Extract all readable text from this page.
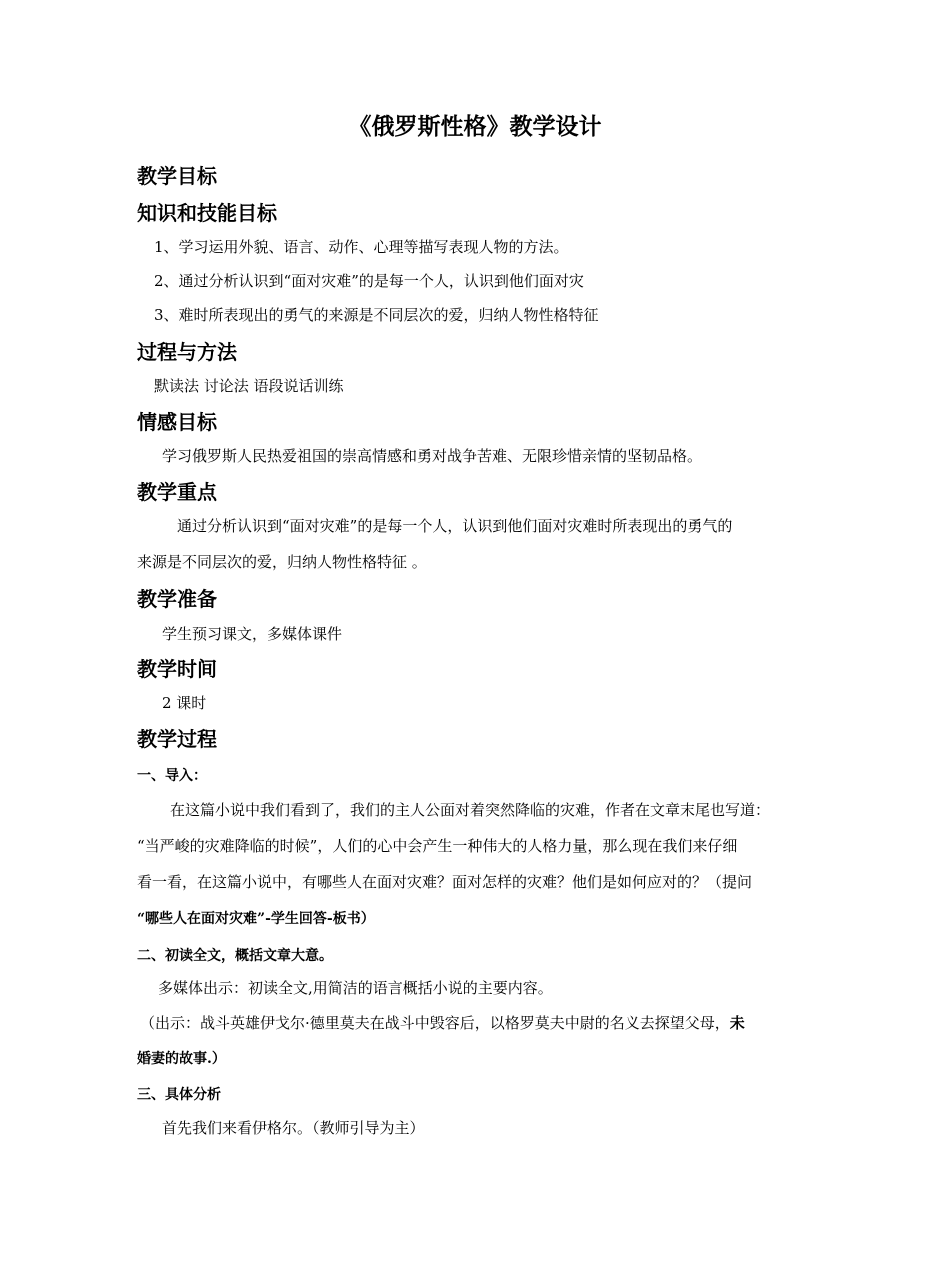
《俄罗斯性格》教学设计
教学目标
知识和技能目标
1、学习运用外貌、语言、动作、心理等描写表现人物的方法。
2、通过分析认识到“面对灾难”的是每一个人，认识到他们面对灾
3、难时所表现出的勇气的来源是不同层次的爱，归纳人物性格特征
过程与方法
默读法 讨论法 语段说话训练
情感目标
学习俄罗斯人民热爱祖国的崇高情感和勇对战争苦难、无限珍惜亲情的坚韧品格。
教学重点
通过分析认识到“面对灾难”的是每一个人，认识到他们面对灾难时所表现出的勇气的
来源是不同层次的爱，归纳人物性格特征 。
教学准备
学生预习课文，多媒体课件
教学时间
2 课时
教学过程
一、导入：
在这篇小说中我们看到了，我们的主人公面对着突然降临的灾难，作者在文章末尾也写道：
“当严峻的灾难降临的时候”，人们的心中会产生一种伟大的人格力量，那么现在我们来仔细
看一看，在这篇小说中，有哪些人在面对灾难？面对怎样的灾难？他们是如何应对的？（提问
“哪些人在面对灾难”-学生回答-板书）
二、初读全文，概括文章大意。
多媒体出示：初读全文,用简洁的语言概括小说的主要内容。
（出示：战斗英雄伊戈尔·德里莫夫在战斗中毁容后，以格罗莫夫中尉的名义去探望父母，未
婚妻的故事.）
三、具体分析
首先我们来看伊格尔。（教师引导为主）
